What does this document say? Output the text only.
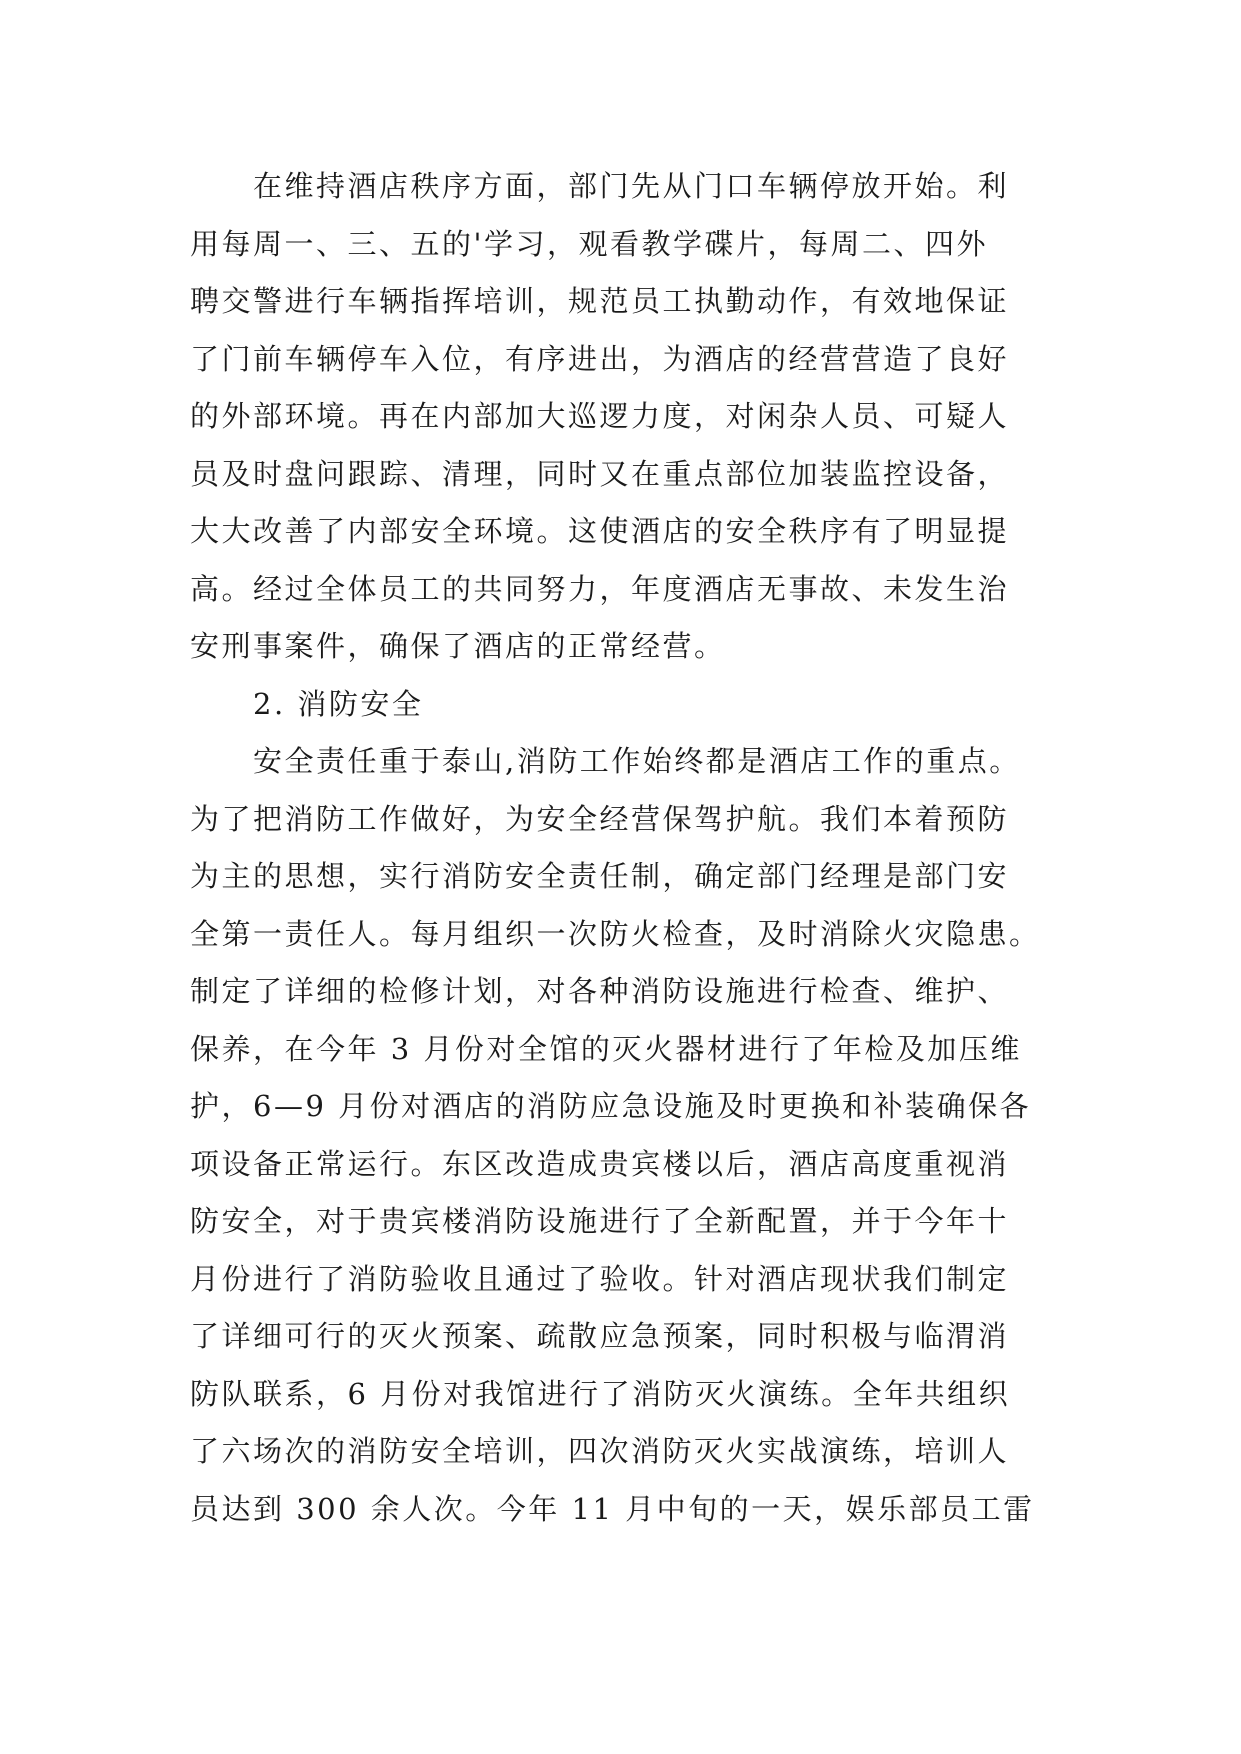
　　在维持酒店秩序方面，部门先从门口车辆停放开始。利
用每周一、三、五的'学习，观看教学碟片，每周二、四外
聘交警进行车辆指挥培训，规范员工执勤动作，有效地保证
了门前车辆停车入位，有序进出，为酒店的经营营造了良好
的外部环境。再在内部加大巡逻力度，对闲杂人员、可疑人
员及时盘问跟踪、清理，同时又在重点部位加装监控设备，
大大改善了内部安全环境。这使酒店的安全秩序有了明显提
高。经过全体员工的共同努力，年度酒店无事故、未发生治
安刑事案件，确保了酒店的正常经营。
　　2. 消防安全
　　安全责任重于泰山,消防工作始终都是酒店工作的重点。
为了把消防工作做好，为安全经营保驾护航。我们本着预防
为主的思想，实行消防安全责任制，确定部门经理是部门安
全第一责任人。每月组织一次防火检查，及时消除火灾隐患。
制定了详细的检修计划，对各种消防设施进行检查、维护、
保养，在今年 3 月份对全馆的灭火器材进行了年检及加压维
护，6—9 月份对酒店的消防应急设施及时更换和补装确保各
项设备正常运行。东区改造成贵宾楼以后，酒店高度重视消
防安全，对于贵宾楼消防设施进行了全新配置，并于今年十
月份进行了消防验收且通过了验收。针对酒店现状我们制定
了详细可行的灭火预案、疏散应急预案，同时积极与临渭消
防队联系，6 月份对我馆进行了消防灭火演练。全年共组织
了六场次的消防安全培训，四次消防灭火实战演练，培训人
员达到 300 余人次。今年 11 月中旬的一天，娱乐部员工雷
